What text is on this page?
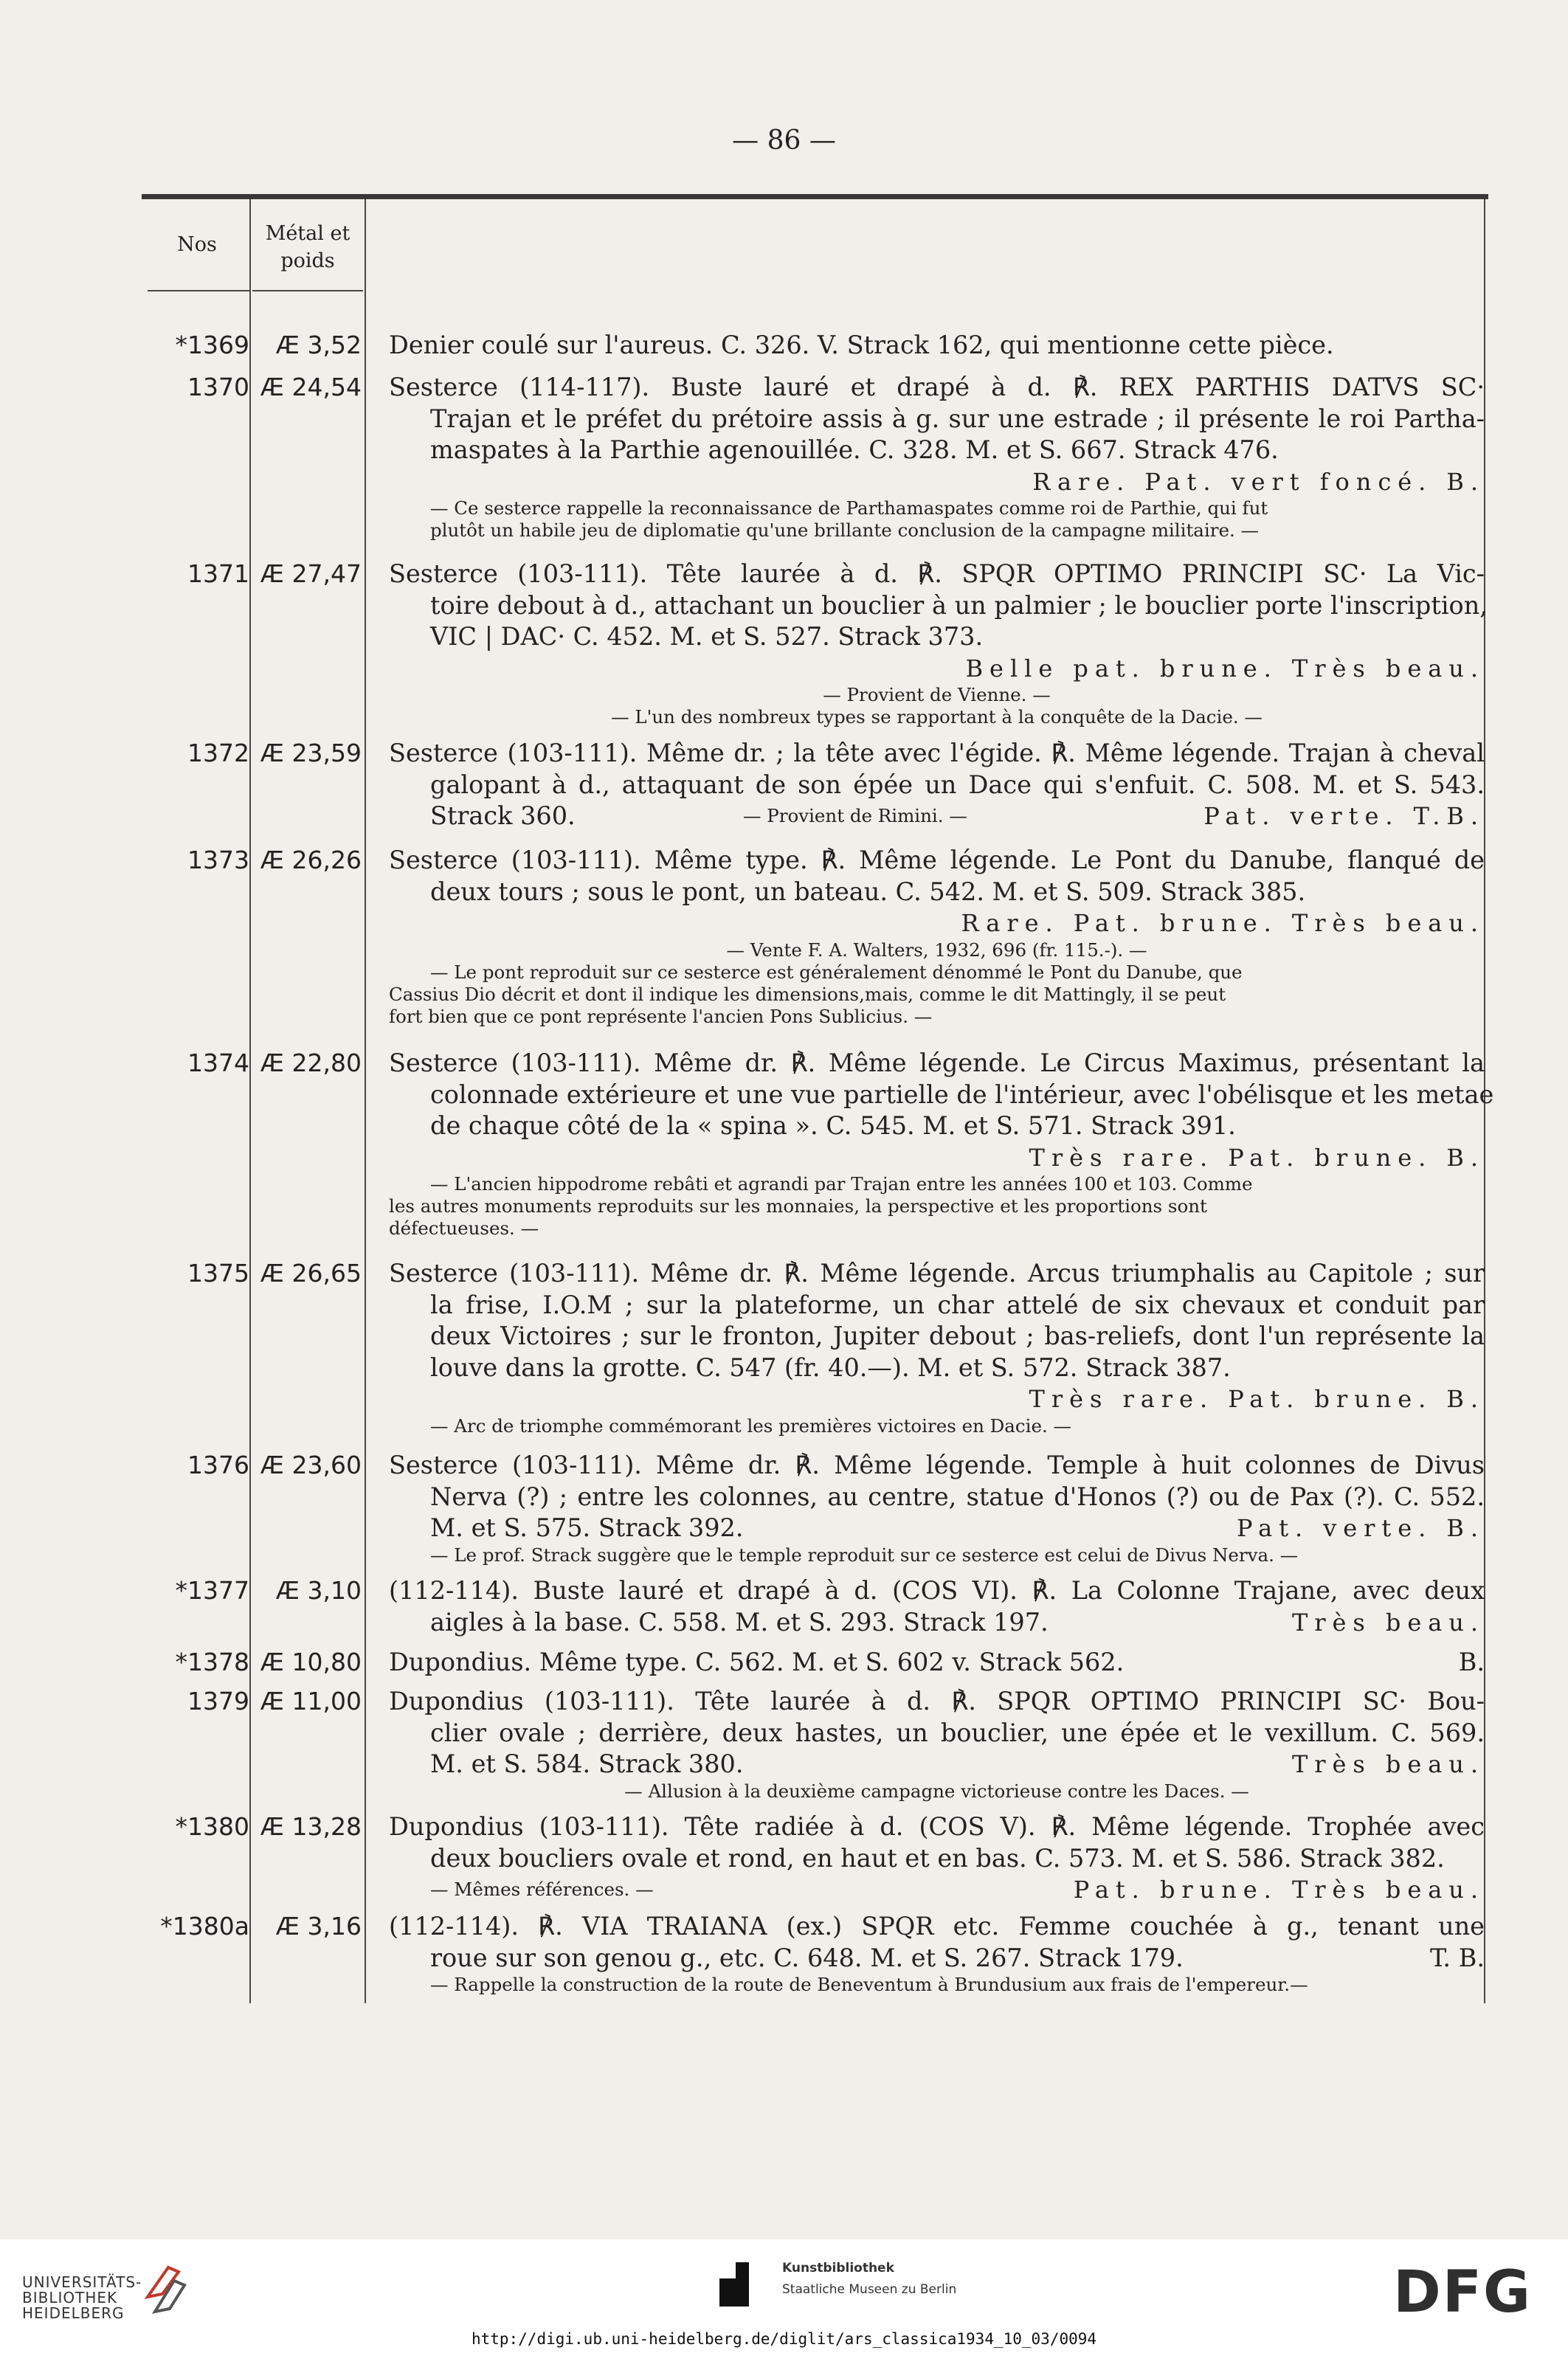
— 86 —
Nos	Métal et
poids
*1369	Æ 3,52 Denier coulé sur l'aureus. C. 326. V. Strack 162, qui mentionne cette pièce.
1370 Æ 24,54 Sesterce (114-117). Buste lauré et drapé à d. ℟. REX PARTHIS DATVS SC·
Trajan et le préfet du prétoire assis à g. sur une estrade ; il présente le roi Partha-
maspates à la Parthie agenouillée. C. 328. M. et S. 667. Strack 476.
Rare. Pat. vert foncé. B.
— Ce sesterce rappelle la reconnaissance de Parthamaspates comme roi de Parthie, qui fut
plutôt un habile jeu de diplomatie qu'une brillante conclusion de la campagne militaire. —
1371 Æ 27,47 Sesterce (103-111). Tête laurée à d. ℟. SPQR OPTIMO PRINCIPI SC· La Vic-
toire debout à d., attachant un bouclier à un palmier ; le bouclier porte l'inscription,
VIC | DAC· C. 452. M. et S. 527. Strack 373.
Belle pat. brune. Très beau.
— Provient de Vienne. —
— L'un des nombreux types se rapportant à la conquête de la Dacie. —
1372 Æ 23,59 Sesterce (103-111). Même dr. ; la tête avec l'égide. ℟. Même légende. Trajan à cheval
galopant à d., attaquant de son épée un Dace qui s'enfuit. C. 508. M. et S. 543.
Strack 360.	— Provient de Rimini. —	Pat. verte. T.B.
1373 Æ 26,26 Sesterce (103-111). Même type. ℟. Même légende. Le Pont du Danube, flanqué de
deux tours ; sous le pont, un bateau. C. 542. M. et S. 509. Strack 385.
Rare. Pat. brune. Très beau.
— Vente F. A. Walters, 1932, 696 (fr. 115.-). —
— Le pont reproduit sur ce sesterce est généralement dénommé le Pont du Danube, que
Cassius Dio décrit et dont il indique les dimensions,mais, comme le dit Mattingly, il se peut
fort bien que ce pont représente l'ancien Pons Sublicius. —
1374 Æ 22,80 Sesterce (103-111). Même dr. ℟. Même légende. Le Circus Maximus, présentant la
colonnade extérieure et une vue partielle de l'intérieur, avec l'obélisque et les metae
de chaque côté de la « spina ». C. 545. M. et S. 571. Strack 391.
Très rare. Pat. brune. B.
— L'ancien hippodrome rebâti et agrandi par Trajan entre les années 100 et 103. Comme
les autres monuments reproduits sur les monnaies, la perspective et les proportions sont
défectueuses. —
1375 Æ 26,65 Sesterce (103-111). Même dr. ℟. Même légende. Arcus triumphalis au Capitole ; sur
la frise, I.O.M ; sur la plateforme, un char attelé de six chevaux et conduit par
deux Victoires ; sur le fronton, Jupiter debout ; bas-reliefs, dont l'un représente la
louve dans la grotte. C. 547 (fr. 40.—). M. et S. 572. Strack 387.
Très rare. Pat. brune. B.
— Arc de triomphe commémorant les premières victoires en Dacie. —
1376 Æ 23,60 Sesterce (103-111). Même dr. ℟. Même légende. Temple à huit colonnes de Divus
Nerva (?) ; entre les colonnes, au centre, statue d'Honos (?) ou de Pax (?). C. 552.
M. et S. 575. Strack 392.	Pat. verte. B.
— Le prof. Strack suggère que le temple reproduit sur ce sesterce est celui de Divus Nerva. —
*1377	Æ 3,10 (112-114). Buste lauré et drapé à d. (COS VI). ℟. La Colonne Trajane, avec deux
aigles à la base. C. 558. M. et S. 293. Strack 197.	Très beau.
*1378 Æ 10,80 Dupondius. Même type. C. 562. M. et S. 602 v. Strack 562.	B.
1379 Æ 11,00 Dupondius (103-111). Tête laurée à d. ℟. SPQR OPTIMO PRINCIPI SC· Bou-
clier ovale ; derrière, deux hastes, un bouclier, une épée et le vexillum. C. 569.
M. et S. 584. Strack 380.	Très beau.
— Allusion à la deuxième campagne victorieuse contre les Daces. —
*1380 Æ 13,28 Dupondius (103-111). Tête radiée à d. (COS V). ℟. Même légende. Trophée avec
deux boucliers ovale et rond, en haut et en bas. C. 573. M. et S. 586. Strack 382.
— Mêmes références. —	Pat. brune. Très beau.
*1380a	Æ 3,16 (112-114). ℟. VIA TRAIANA (ex.) SPQR etc. Femme couchée à g., tenant une
roue sur son genou g., etc. C. 648. M. et S. 267. Strack 179.	T. B.
— Rappelle la construction de la route de Beneventum à Brundusium aux frais de l'empereur.—
UNIVERSITÄTS-
BIBLIOTHEK
HEIDELBERG
Kunstbibliothek
Staatliche Museen zu Berlin	DFG
http://digi.ub.uni-heidelberg.de/diglit/ars_classica1934_10_03/0094
